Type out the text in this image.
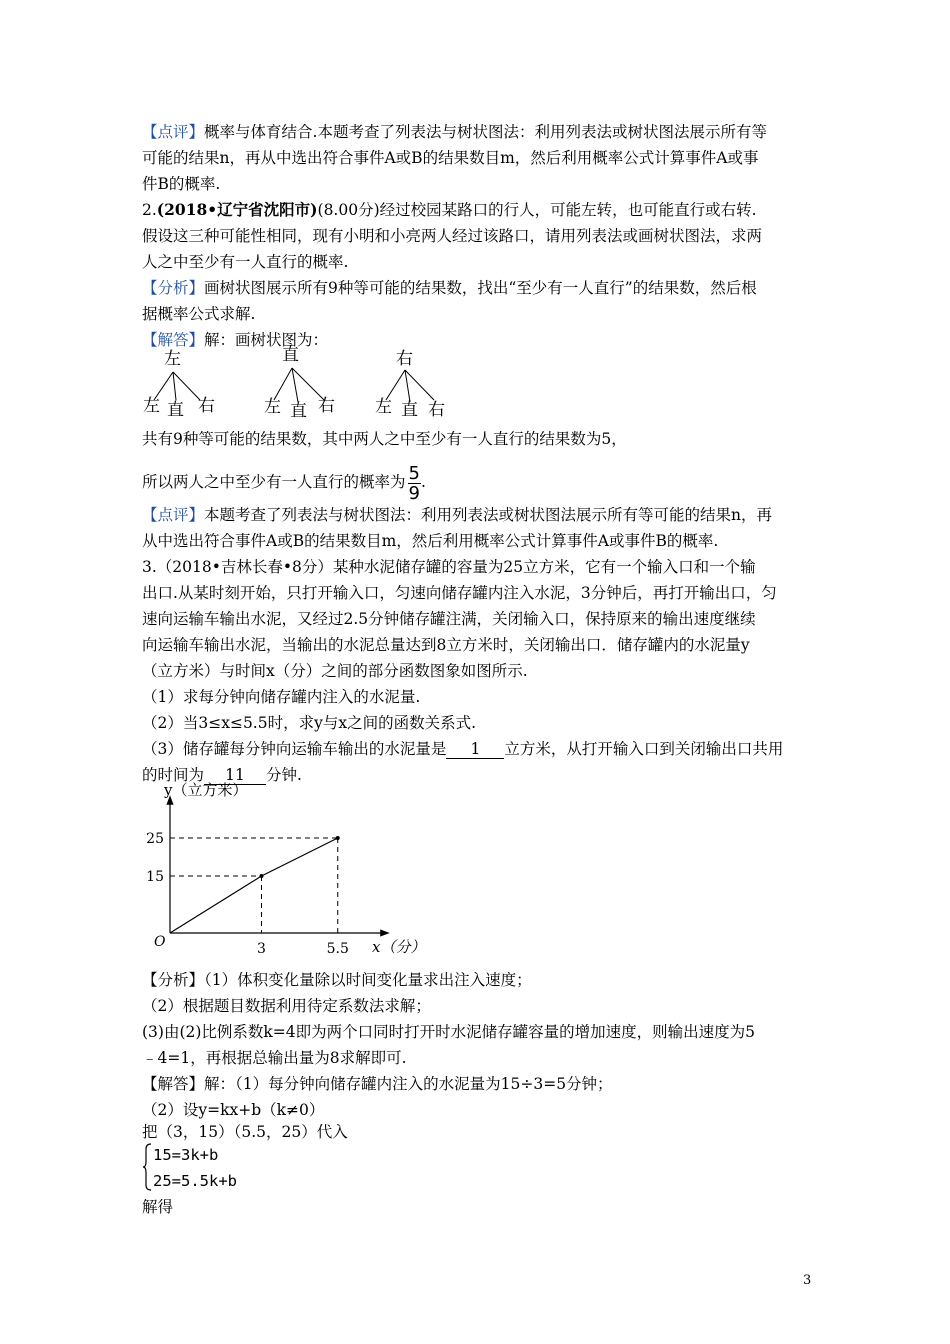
【点评】概率与体育结合.本题考查了列表法与树状图法：利用列表法或树状图法展示所有等
可能的结果n，再从中选出符合事件A或B的结果数目m，然后利用概率公式计算事件A或事
件B的概率.
2.(2018•辽宁省沈阳市)(8.00分)经过校园某路口的行人，可能左转，也可能直行或右转.
假设这三种可能性相同，现有小明和小亮两人经过该路口，请用列表法或画树状图法，求两
人之中至少有一人直行的概率.
【分析】画树状图展示所有9种等可能的结果数，找出“至少有一人直行”的结果数，然后根
据概率公式求解.
【解答】解：画树状图为：
左
左 直 右
直
左 直 右
右
左 直 右
共有9种等可能的结果数，其中两人之中至少有一人直行的结果数为5，
所以两人之中至少有一人直行的概率为 $\frac{5}{9}$ .
【点评】本题考查了列表法与树状图法：利用列表法或树状图法展示所有等可能的结果n，再
从中选出符合事件A或B的结果数目m，然后利用概率公式计算事件A或事件B的概率.
3.（2018•吉林长春•8分）某种水泥储存罐的容量为25立方米，它有一个输入口和一个输
出口.从某时刻开始，只打开输入口，匀速向储存罐内注入水泥，3分钟后，再打开输出口，匀
速向运输车输出水泥，又经过2.5分钟储存罐注满，关闭输入口，保持原来的输出速度继续
向运输车输出水泥，当输出的水泥总量达到8立方米时，关闭输出口．储存罐内的水泥量y
（立方米）与时间x（分）之间的部分函数图象如图所示.
（1）求每分钟向储存罐内注入的水泥量.
（2）当3≤x≤5.5时，求y与x之间的函数关系式.
（3）储存罐每分钟向运输车输出的水泥量是 1 立方米，从打开输入口到关闭输出口共用
的时间为 11 分钟.
y（立方米）
x（分）
O	3	5.5
15
25
【分析】（1）体积变化量除以时间变化量求出注入速度；
（2）根据题目数据利用待定系数法求解；
(3)由(2)比例系数k=4即为两个口同时打开时水泥储存罐容量的增加速度，则输出速度为5
﹣4=1，再根据总输出量为8求解即可.
【解答】解：（1）每分钟向储存罐内注入的水泥量为15÷3=5分钟；
（2）设y=kx+b（k≠0）
把（3，15）（5.5，25）代入
15=3k+b
25=5.5k+b
解得
3
